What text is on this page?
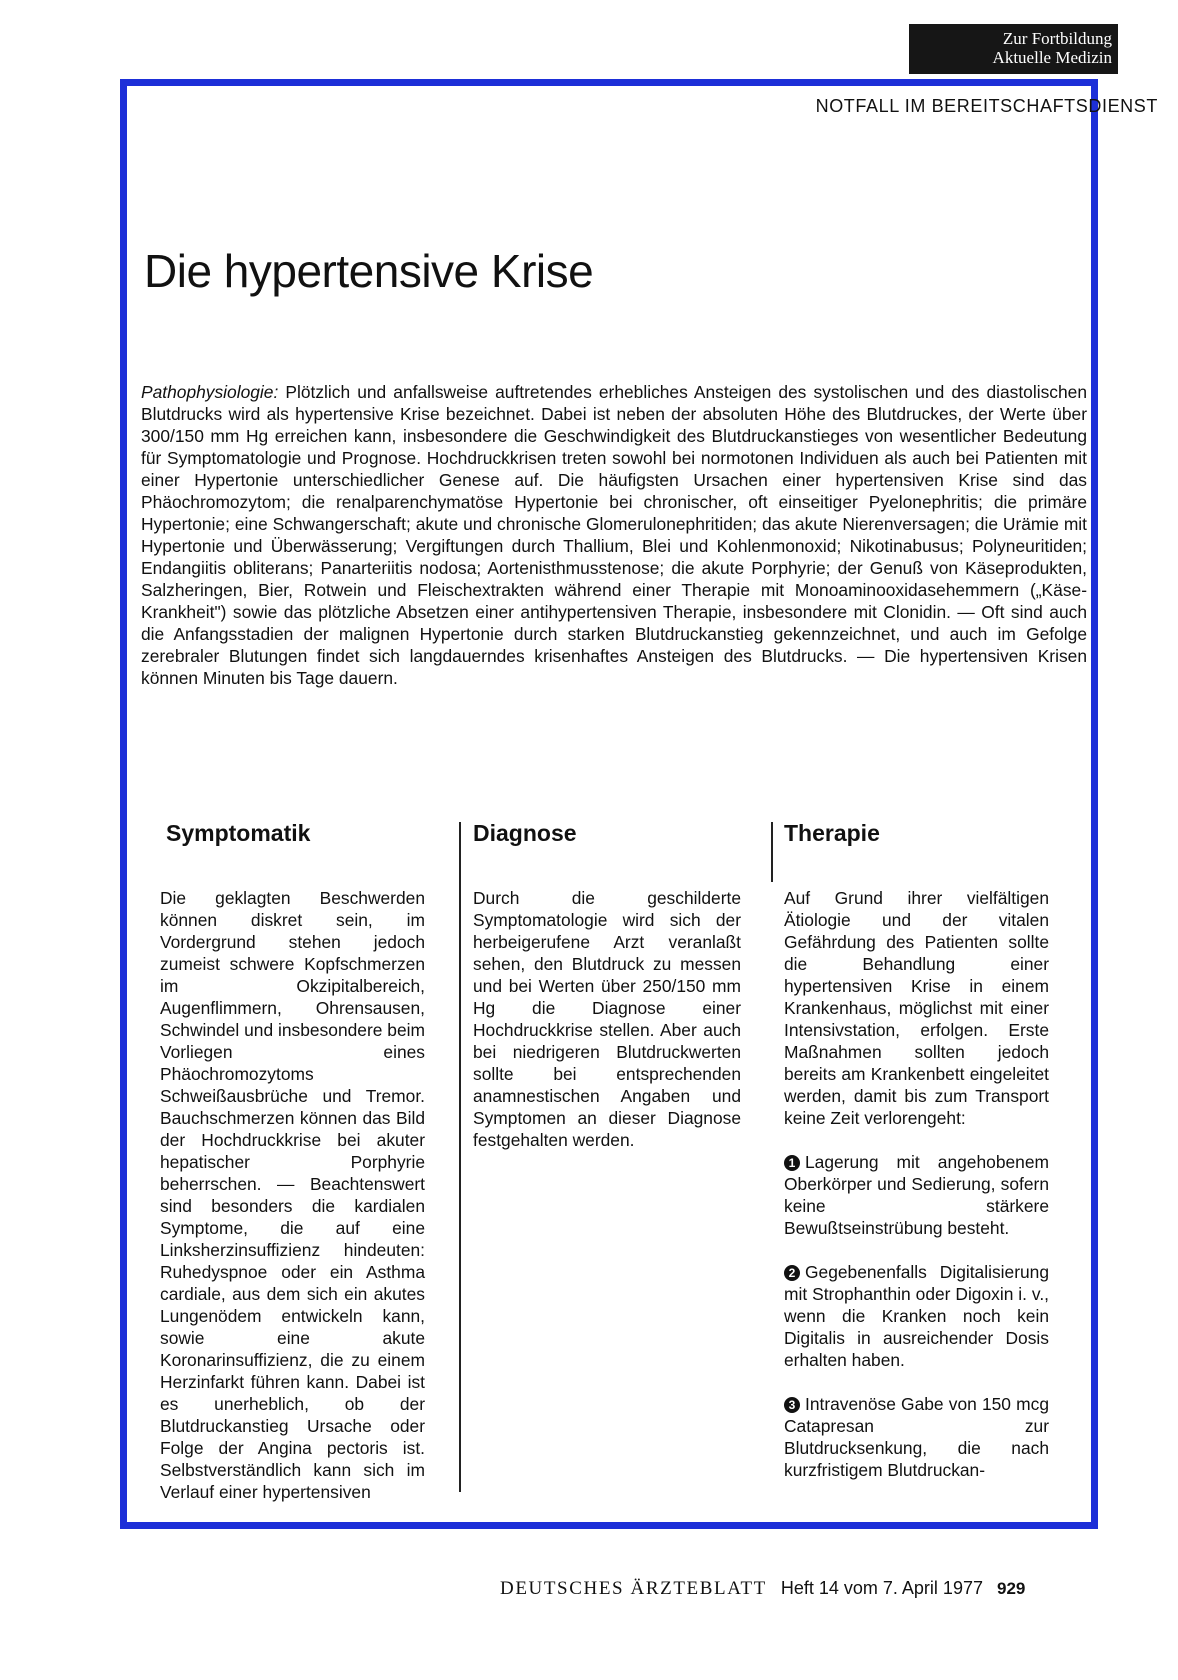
Zur Fortbildung
Aktuelle Medizin
NOTFALL IM BEREITSCHAFTSDIENST
Die hypertensive Krise

Pathophysiologie: Plötzlich und anfallsweise auftretendes erhebliches Ansteigen des systolischen und des diastolischen Blutdrucks wird als hypertensive Krise bezeichnet. Dabei ist neben der absoluten Höhe des Blutdruckes, der Werte über 300/150 mm Hg erreichen kann, insbesondere die Geschwindigkeit des Blutdruckanstieges von wesentlicher Bedeutung für Symptomatologie und Prognose. Hochdruckkrisen treten sowohl bei normotonen Individuen als auch bei Patienten mit einer Hypertonie unterschiedlicher Genese auf. Die häufigsten Ursachen einer hypertensiven Krise sind das Phäochromozytom; die renalparenchymatöse Hypertonie bei chronischer, oft einseitiger Pyelonephritis; die primäre Hypertonie; eine Schwangerschaft; akute und chronische Glomerulonephritiden; das akute Nierenversagen; die Urämie mit Hypertonie und Überwässerung; Vergiftungen durch Thallium, Blei und Kohlenmonoxid; Nikotinabusus; Polyneuritiden; Endangiitis obliterans; Panarteriitis nodosa; Aortenisthmusstenose; die akute Porphyrie; der Genuß von Käseprodukten, Salzheringen, Bier, Rotwein und Fleischextrakten während einer Therapie mit Monoaminooxidasehemmern („Käse-Krankheit") sowie das plötzliche Absetzen einer antihypertensiven Therapie, insbesondere mit Clonidin. — Oft sind auch die Anfangsstadien der malignen Hypertonie durch starken Blutdruckanstieg gekennzeichnet, und auch im Gefolge zerebraler Blutungen findet sich langdauerndes krisenhaftes Ansteigen des Blutdrucks. — Die hypertensiven Krisen können Minuten bis Tage dauern.

Symptomatik

Die geklagten Beschwerden können diskret sein, im Vordergrund stehen jedoch zumeist schwere Kopfschmerzen im Okzipitalbereich, Augenflimmern, Ohrensausen, Schwindel und insbesondere beim Vorliegen eines Phäochromozytoms Schweißausbrüche und Tremor. Bauchschmerzen können das Bild der Hochdruckkrise bei akuter hepatischer Porphyrie beherrschen. — Beachtenswert sind besonders die kardialen Symptome, die auf eine Linksherzinsuffizienz hindeuten: Ruhedyspnoe oder ein Asthma cardiale, aus dem sich ein akutes Lungenödem entwickeln kann, sowie eine akute Koronarinsuffizienz, die zu einem Herzinfarkt führen kann. Dabei ist es unerheblich, ob der Blutdruckanstieg Ursache oder Folge der Angina pectoris ist. Selbstverständlich kann sich im Verlauf einer hypertensiven

Diagnose

Durch die geschilderte Symptomatologie wird sich der herbeigerufene Arzt veranlaßt sehen, den Blutdruck zu messen und bei Werten über 250/150 mm Hg die Diagnose einer Hochdruckkrise stellen. Aber auch bei niedrigeren Blutdruckwerten sollte bei entsprechenden anamnestischen Angaben und Symptomen an dieser Diagnose festgehalten werden.

Therapie

Auf Grund ihrer vielfältigen Ätiologie und der vitalen Gefährdung des Patienten sollte die Behandlung einer hypertensiven Krise in einem Krankenhaus, möglichst mit einer Intensivstation, erfolgen. Erste Maßnahmen sollten jedoch bereits am Krankenbett eingeleitet werden, damit bis zum Transport keine Zeit verlorengeht:

1 Lagerung mit angehobenem Oberkörper und Sedierung, sofern keine stärkere Bewußtseinstrübung besteht.

2 Gegebenenfalls Digitalisierung mit Strophanthin oder Digoxin i. v., wenn die Kranken noch kein Digitalis in ausreichender Dosis erhalten haben.

3 Intravenöse Gabe von 150 mcg Catapresan zur Blutdrucksenkung, die nach kurzfristigem Blutdruckan-

DEUTSCHES ÄRZTEBLATT Heft 14 vom 7. April 1977 929
